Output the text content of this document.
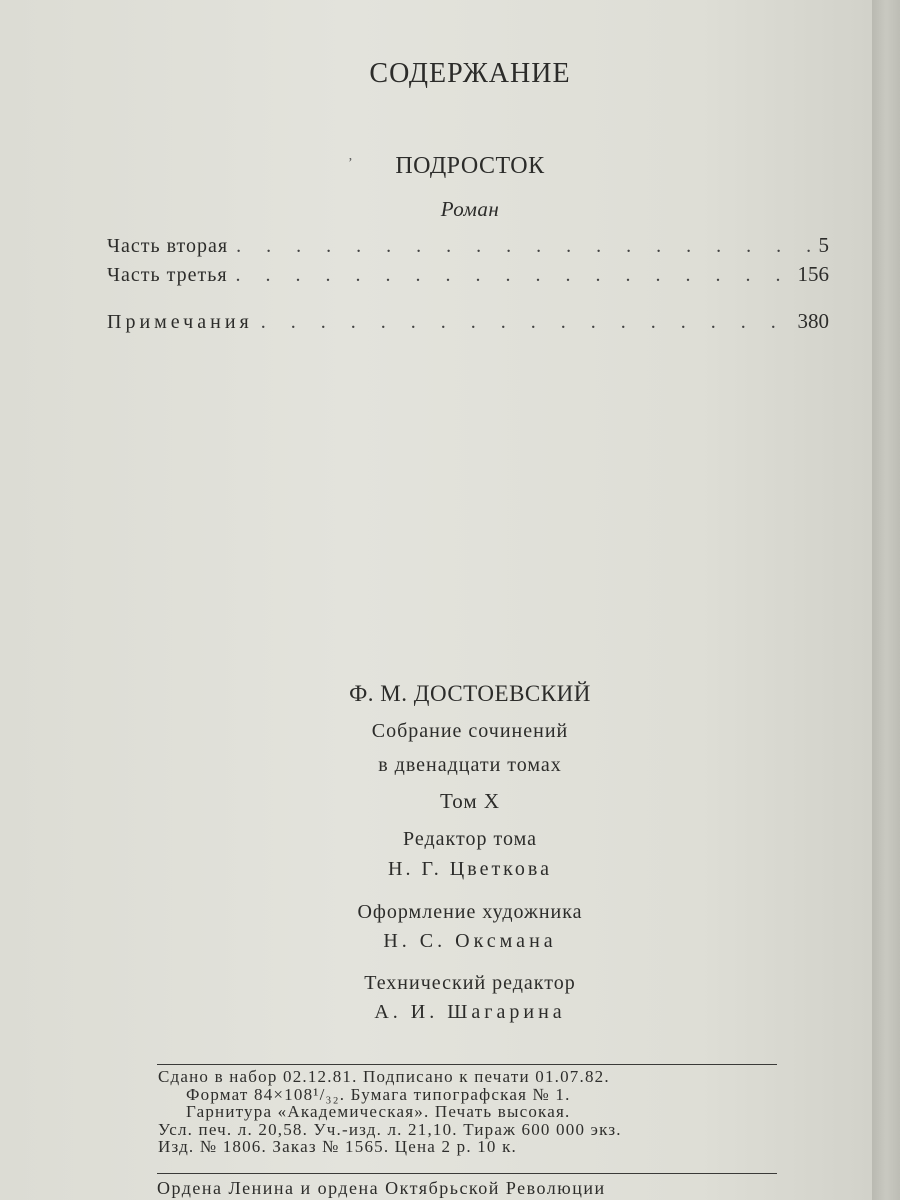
СОДЕРЖАНИЕ
ʼ	ПОДРОСТОК
Роман
Часть вторая . . .	5
Часть третья . . .	156
Примечания . . .	380
Ф. М. ДОСТОЕВСКИЙ
Собрание сочинений
в двенадцати томах
Том X
Редактор тома
Н. Г. Цветкова
Оформление художника
Н. С. Оксмана
Технический редактор
А. И. Шагарина
Сдано в набор 02.12.81. Подписано к печати 01.07.82.
Формат 84×108¹/₃₂. Бумага типографская № 1.
Гарнитура «Академическая». Печать высокая.
Усл. печ. л. 20,58. Уч.-изд. л. 21,10. Тираж 600 000 экз.
Изд. № 1806. Заказ № 1565. Цена 2 р. 10 к.
Ордена Ленина и ордена Октябрьской Революции
